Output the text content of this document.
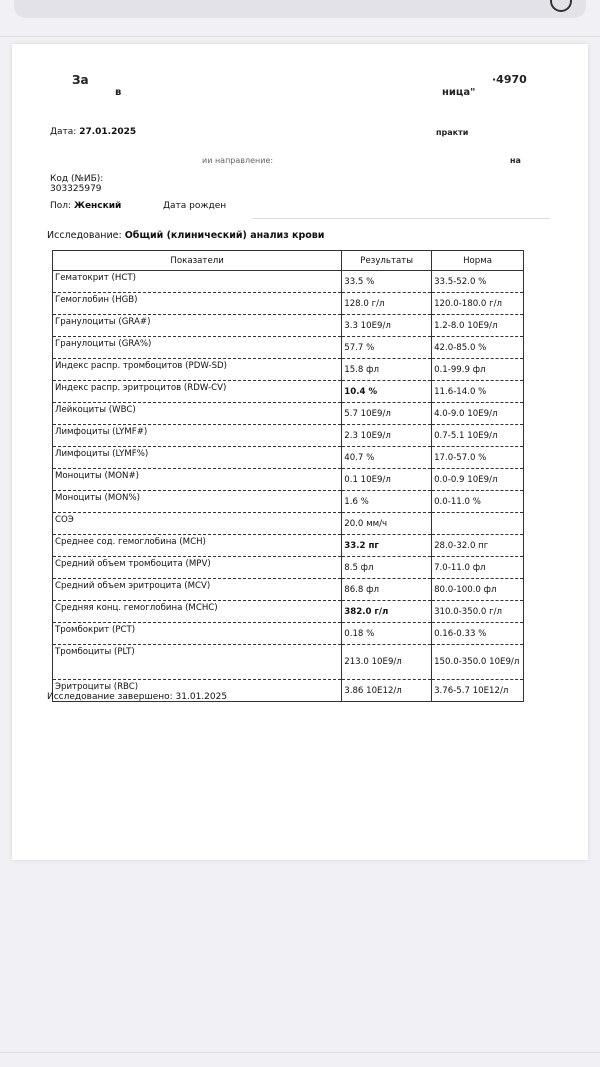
За
в
·4970
ница"
Дата: 27.01.2025	практи
ии направление:	на
Код (№ИБ):
303325979
Пол: Женский	Дата рожден
Исследование: Общий (клинический) анализ крови
Показатели	Результаты	Норма
Гематокрит (HCT)	33.5 %	33.5-52.0 %
Гемоглобин (HGB)	128.0 г/л	120.0-180.0 г/л
Гранулоциты (GRA#)	3.3 10E9/л	1.2-8.0 10E9/л
Гранулоциты (GRA%)	57.7 %	42.0-85.0 %
Индекс распр. тромбоцитов (PDW-SD)	15.8 фл	0.1-99.9 фл
Индекс распр. эритроцитов (RDW-CV)	10.4 %	11.6-14.0 %
Лейкоциты (WBC)	5.7 10E9/л	4.0-9.0 10E9/л
Лимфоциты (LYMF#)	2.3 10E9/л	0.7-5.1 10E9/л
Лимфоциты (LYMF%)	40.7 %	17.0-57.0 %
Моноциты (MON#)	0.1 10E9/л	0.0-0.9 10E9/л
Моноциты (MON%)	1.6 %	0.0-11.0 %
СОЭ	20.0 мм/ч	
Среднее сод. гемоглобина (MCH)	33.2 пг	28.0-32.0 пг
Средний объем тромбоцита (MPV)	8.5 фл	7.0-11.0 фл
Средний объем эритроцита (MCV)	86.8 фл	80.0-100.0 фл
Средняя конц. гемоглобина (MCHC)	382.0 г/л	310.0-350.0 г/л
Тромбокрит (PCT)	0.18 %	0.16-0.33 %
Тромбоциты (PLT)	213.0 10E9/л	150.0-350.0 10E9/л
Эритроциты (RBC)	3.86 10E12/л	3.76-5.7 10E12/л
Исследование завершено: 31.01.2025
